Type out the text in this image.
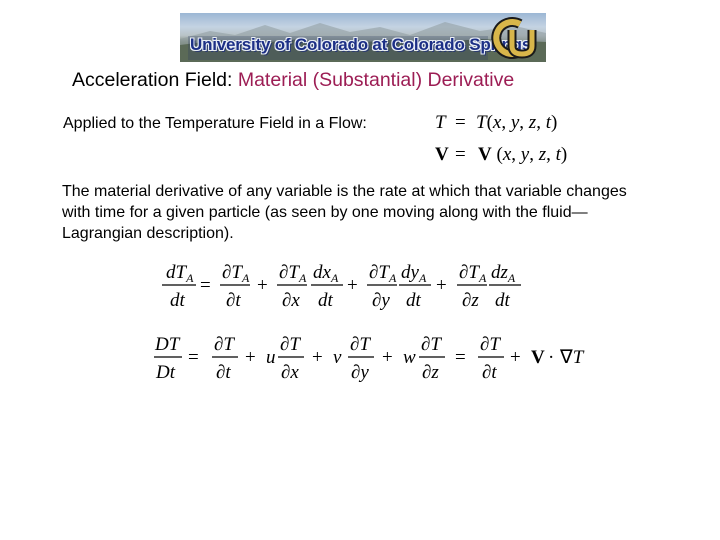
University of Colorado at Colorado Springs
Acceleration Field: Material (Substantial) Derivative
Applied to the Temperature Field in a Flow:	T = T(x, y, z, t)
V = V (x, y, z, t)
The material derivative of any variable is the rate at which that variable changes
with time for a given particle (as seen by one moving along with the fluid—
Lagrangian description).
$dT_A$
dt
=
$\partial T_A$
∂t
+
$\partial T_A$
∂x
$dx_A$
dt
+
$\partial T_A$
∂y
$dy_A$
dt
+
$\partial T_A$
∂z
$dz_A$
dt
DT
Dt
=
∂T
∂t
+ u
∂T
∂x
+ v
∂T
∂y
+ w
∂T
∂z
=
∂T
∂t
+ V · ∇T
